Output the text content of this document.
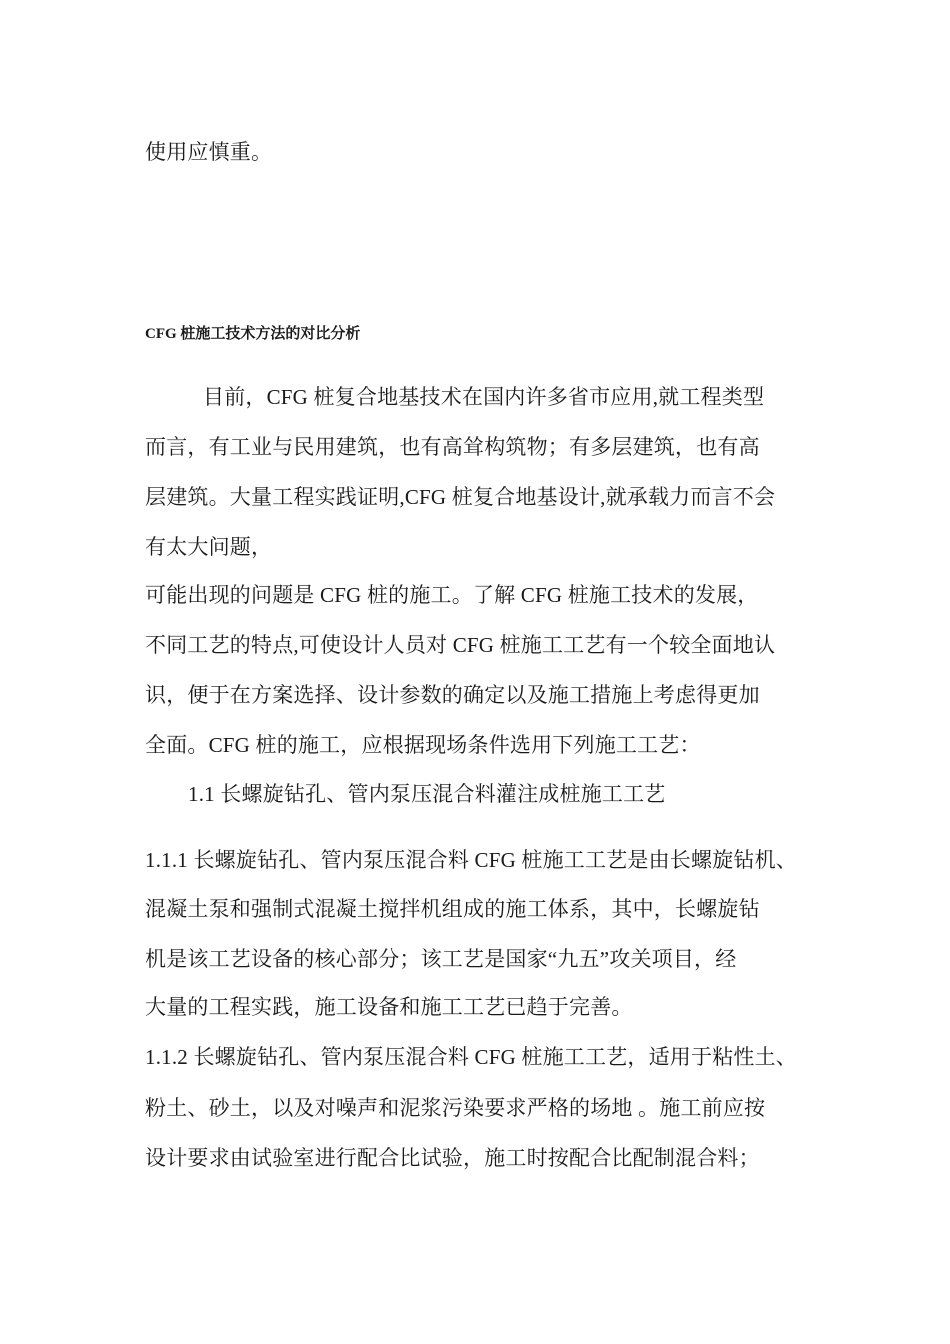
使用应慎重。
CFG 桩施工技术方法的对比分析
目前，CFG 桩复合地基技术在国内许多省市应用,就工程类型
而言，有工业与民用建筑，也有高耸构筑物；有多层建筑，也有高
层建筑。大量工程实践证明,CFG 桩复合地基设计,就承载力而言不会
有太大问题，
可能出现的问题是 CFG 桩的施工。了解 CFG 桩施工技术的发展，
不同工艺的特点,可使设计人员对 CFG 桩施工工艺有一个较全面地认
识，便于在方案选择、设计参数的确定以及施工措施上考虑得更加
全面。CFG 桩的施工，应根据现场条件选用下列施工工艺：
1.1 长螺旋钻孔、管内泵压混合料灌注成桩施工工艺
1.1.1 长螺旋钻孔、管内泵压混合料 CFG 桩施工工艺是由长螺旋钻机、
混凝土泵和强制式混凝土搅拌机组成的施工体系，其中，长螺旋钻
机是该工艺设备的核心部分；该工艺是国家“九五”攻关项目，经
大量的工程实践，施工设备和施工工艺已趋于完善。
1.1.2 长螺旋钻孔、管内泵压混合料 CFG 桩施工工艺，适用于粘性土、
粉土、砂土，以及对噪声和泥浆污染要求严格的场地 。施工前应按
设计要求由试验室进行配合比试验，施工时按配合比配制混合料；
